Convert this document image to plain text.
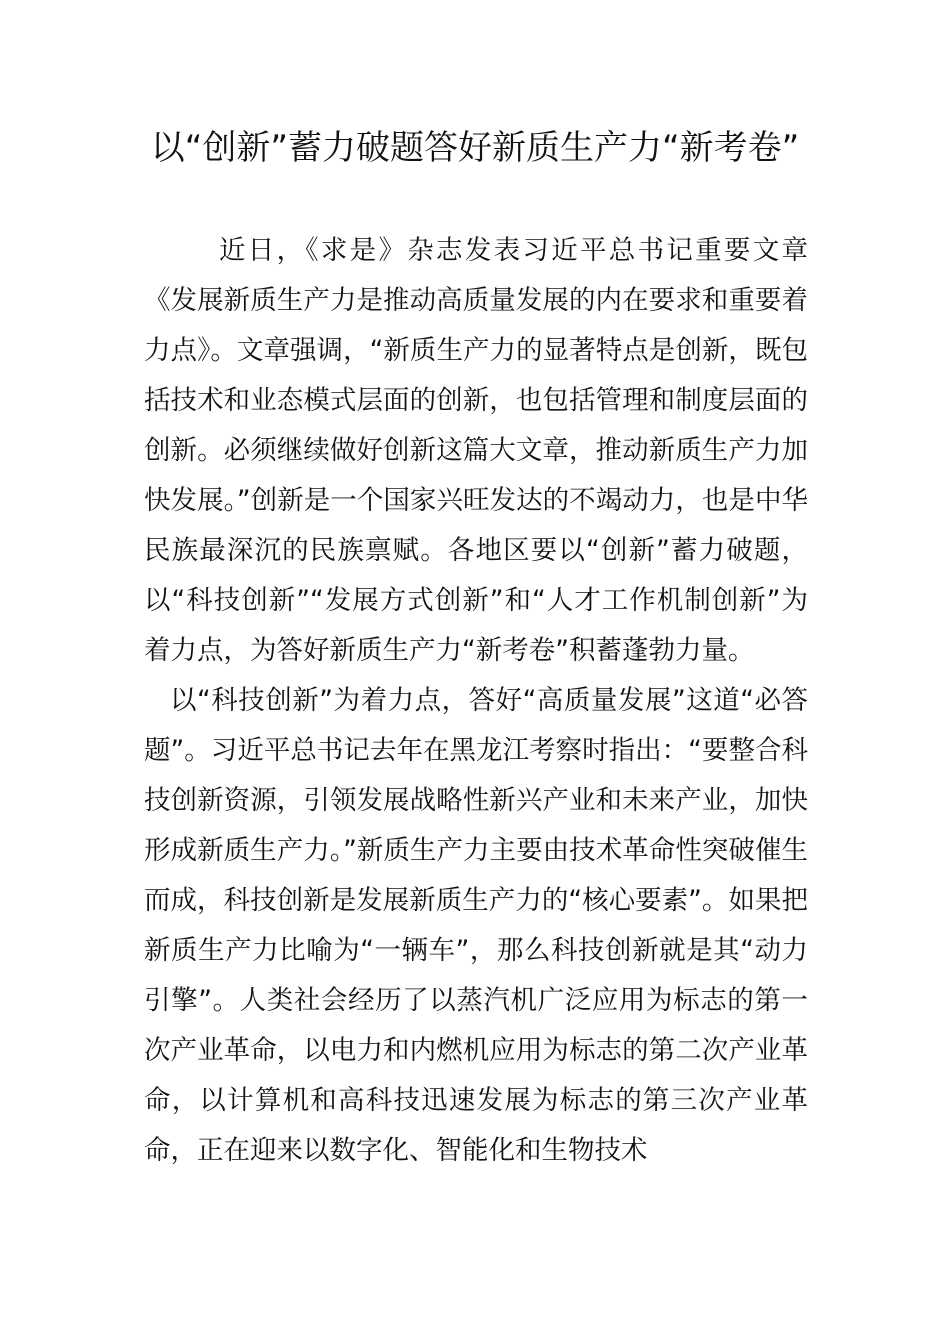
以“创新”蓄力破题答好新质生产力“新考卷”

近日，《求是》杂志发表习近平总书记重要文章《发展新质生产力是推动高质量发展的内在要求和重要着力点》。文章强调，“新质生产力的显著特点是创新，既包括技术和业态模式层面的创新，也包括管理和制度层面的创新。必须继续做好创新这篇大文章，推动新质生产力加快发展。”创新是一个国家兴旺发达的不竭动力，也是中华民族最深沉的民族禀赋。各地区要以“创新”蓄力破题，以“科技创新”“发展方式创新”和“人才工作机制创新”为着力点，为答好新质生产力“新考卷”积蓄蓬勃力量。

以“科技创新”为着力点，答好“高质量发展”这道“必答题”。习近平总书记去年在黑龙江考察时指出：“要整合科技创新资源，引领发展战略性新兴产业和未来产业，加快形成新质生产力。”新质生产力主要由技术革命性突破催生而成，科技创新是发展新质生产力的“核心要素”。如果把新质生产力比喻为“一辆车”，那么科技创新就是其“动力引擎”。人类社会经历了以蒸汽机广泛应用为标志的第一次产业革命，以电力和内燃机应用为标志的第二次产业革命，以计算机和高科技迅速发展为标志的第三次产业革命，正在迎来以数字化、智能化和生物技术
